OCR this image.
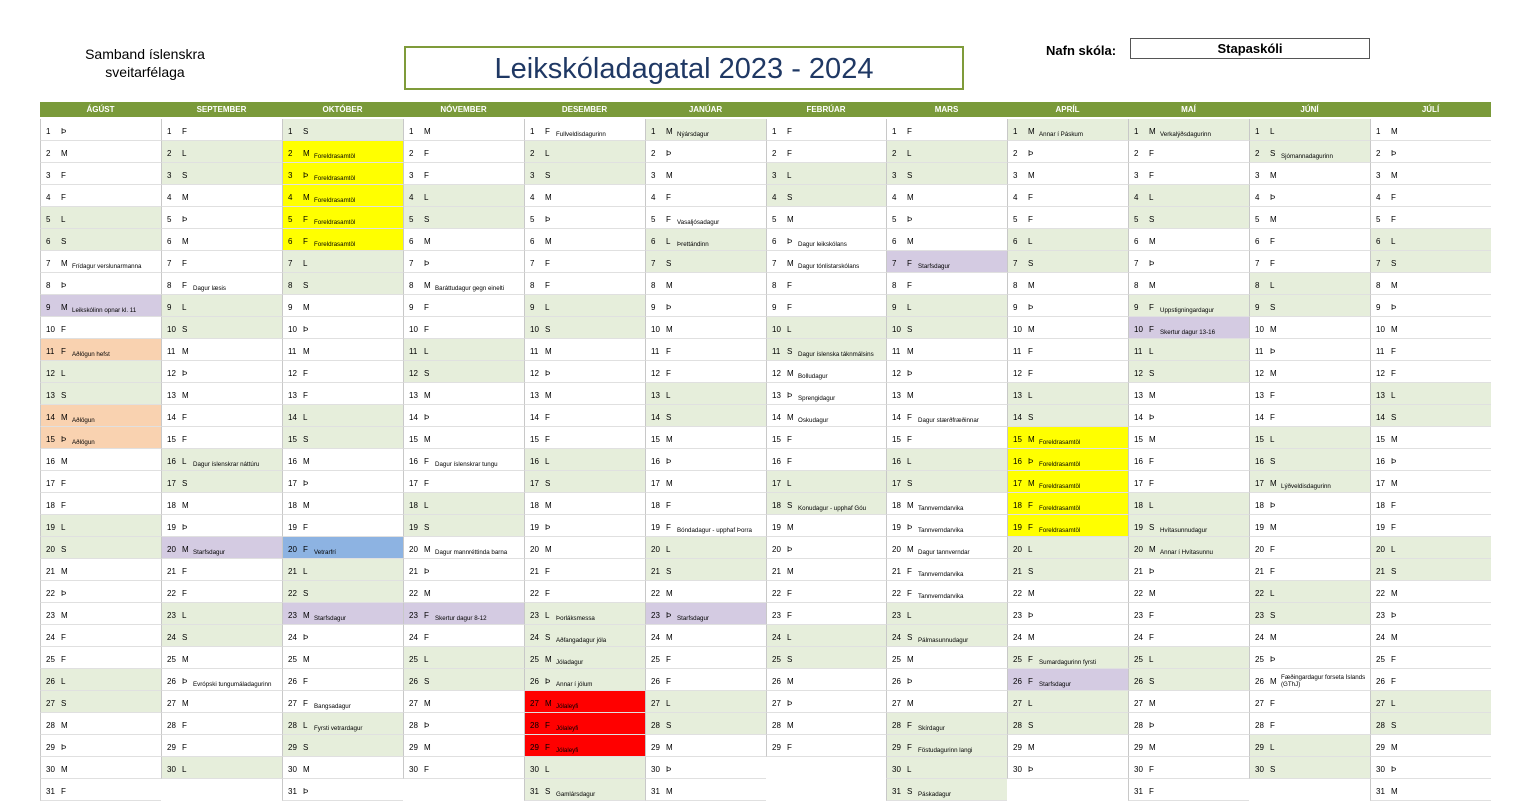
Samband íslenskra
sveitarfélaga	Leikskóladagatal 2023 - 2024
Nafn skóla:	Stapaskóli
ÁGÚST
1	Þ
2	M
3	F
4	F
5	L
6	S
7	M Frídagur verslunarmanna
8	Þ
9	M Leikskólinn opnar kl. 11
10 F
11 F Aðlögun hefst
12 L
13 S
14 M Aðlögun
15 Þ Aðlögun
16 M
17 F
18 F
19 L
20 S
21 M
22 Þ
23 M
24 F
25 F
26 L
27 S
28 M
29 Þ
30 M
31 F
SEPTEMBER
1	F
2	L
3	S
4	M
5	Þ
6	M
7	F
8	F Dagur læsis
9	L
10 S
11 M
12 Þ
13 M
14 F
15 F
16 L	Dagur íslenskrar náttúru
17 S
18 M
19 Þ
20 M Starfsdagur
21 F
22 F
23 L
24 S
25 M
26 Þ Evrópski tungumáladagurinn
27 M
28 F
29 F
30 L
OKTÓBER
1	S
2	M Foreldrasamtöl
3	Þ Foreldrasamtöl
4	M Foreldrasamtöl
5	F Foreldrasamtöl
6	F Foreldrasamtöl
7	L
8	S
9	M
10 Þ
11 M
12 F
13 F
14 L
15 S
16 M
17 Þ
18 M
19 F
20 F Vetrarfrí
21 L
22 S
23 M Starfsdagur
24 Þ
25 M
26 F
27 F Bangsadagur
28 L	Fyrsti vetrardagur
29 S
30 M
31 Þ
NÓVEMBER
1	M
2	F
3	F
4	L
5	S
6	M
7	Þ
8	M Baráttudagur gegn einelti
9	F
10 F
11 L
12 S
13 M
14 Þ
15 M
16 F Dagur íslenskrar tungu
17 F
18 L
19 S
20 M Dagur mannréttinda barna
21 Þ
22 M
23 F Skertur dagur 8-12
24 F
25 L
26 S
27 M
28 Þ
29 M
30 F
DESEMBER
1	F Fullveldisdagurinn
2	L
3	S
4	M
5	Þ
6	M
7	F
8	F
9	L
10 S
11 M
12 Þ
13 M
14 F
15 F
16 L
17 S
18 M
19 Þ
20 M
21 F
22 F
23 L	Þorláksmessa
24 S Aðfangadagur jóla
25 M Jóladagur
26 Þ Annar í jólum
27 M Jólaleyfi
28 F Jólaleyfi
29 F Jólaleyfi
30 L
31 S Gamlársdagur
JANÚAR
1	M Nýársdagur
2	Þ
3	M
4	F
5	F Vasaljósadagur
6	L	Þrettándinn
7	S
8	M
9	Þ
10 M
11 F
12 F
13 L
14 S
15 M
16 Þ
17 M
18 F
19 F Bóndadagur - upphaf Þorra
20 L
21 S
22 M
23 Þ Starfsdagur
24 M
25 F
26 F
27 L
28 S
29 M
30 Þ
31 M
FEBRÚAR
1	F
2	F
3	L
4	S
5	M
6	Þ Dagur leikskólans
7	M Dagur tónlistarskólans
8	F
9	F
10 L
11 S Dagur íslenska táknmálsins
12 M Bolludagur
13 Þ Sprengidagur
14 M Öskudagur
15 F
16 F
17 L
18 S Konudagur - upphaf Góu
19 M
20 Þ
21 M
22 F
23 F
24 L
25 S
26 M
27 Þ
28 M
29 F
MARS
1	F
2	L
3	S
4	M
5	Þ
6	M
7	F Starfsdagur
8	F
9	L
10 S
11 M
12 Þ
13 M
14 F Dagur stærðfræðinnar
15 F
16 L
17 S
18 M Tannverndarvika
19 Þ Tannverndarvika
20 M Dagur tannverndar
21 F Tannverndarvika
22 F Tannverndarvika
23 L
24 S Pálmasunnudagur
25 M
26 Þ
27 M
28 F Skírdagur
29 F Föstudagurinn langi
30 L
31 S Páskadagur
APRÍL
1	M Annar í Páskum
2	Þ
3	M
4	F
5	F
6	L
7	S
8	M
9	Þ
10 M
11 F
12 F
13 L
14 S
15 M Foreldrasamtöl
16 Þ Foreldrasamtöl
17 M Foreldrasamtöl
18 F Foreldrasamtöl
19 F Foreldrasamtöl
20 L
21 S
22 M
23 Þ
24 M
25 F Sumardagurinn fyrsti
26 F Starfsdagur
27 L
28 S
29 M
30 Þ
MAÍ
1	M Verkalýðsdagurinn
2	F
3	F
4	L
5	S
6	M
7	Þ
8	M
9	F Uppstigningardagur
10 F Skertur dagur 13-16
11 L
12 S
13 M
14 Þ
15 M
16 F
17 F
18 L
19 S Hvítasunnudagur
20 M Annar í Hvítasunnu
21 Þ
22 M
23 F
24 F
25 L
26 S
27 M
28 Þ
29 M
30 F
31 F
JÚNÍ
1	L
2	S Sjómannadagurinn
3	M
4	Þ
5	M
6	F
7	F
8	L
9	S
10 M
11 Þ
12 M
13 F
14 F
15 L
16 S
17 M Lýðveldisdagurinn
18 Þ
19 M
20 F
21 F
22 L
23 S
24 M
25 Þ
26 M Fæðingardagur forseta Íslands (GThJ)
27 F
28 F
29 L
30 S
JÚLÍ
1	M
2	Þ
3	M
4	F
5	F
6	L
7	S
8	M
9	Þ
10 M
11 F
12 F
13 L
14 S
15 M
16 Þ
17 M
18 F
19 F
20 L
21 S
22 M
23 Þ
24 M
25 F
26 F
27 L
28 S
29 M
30 Þ
31 M
